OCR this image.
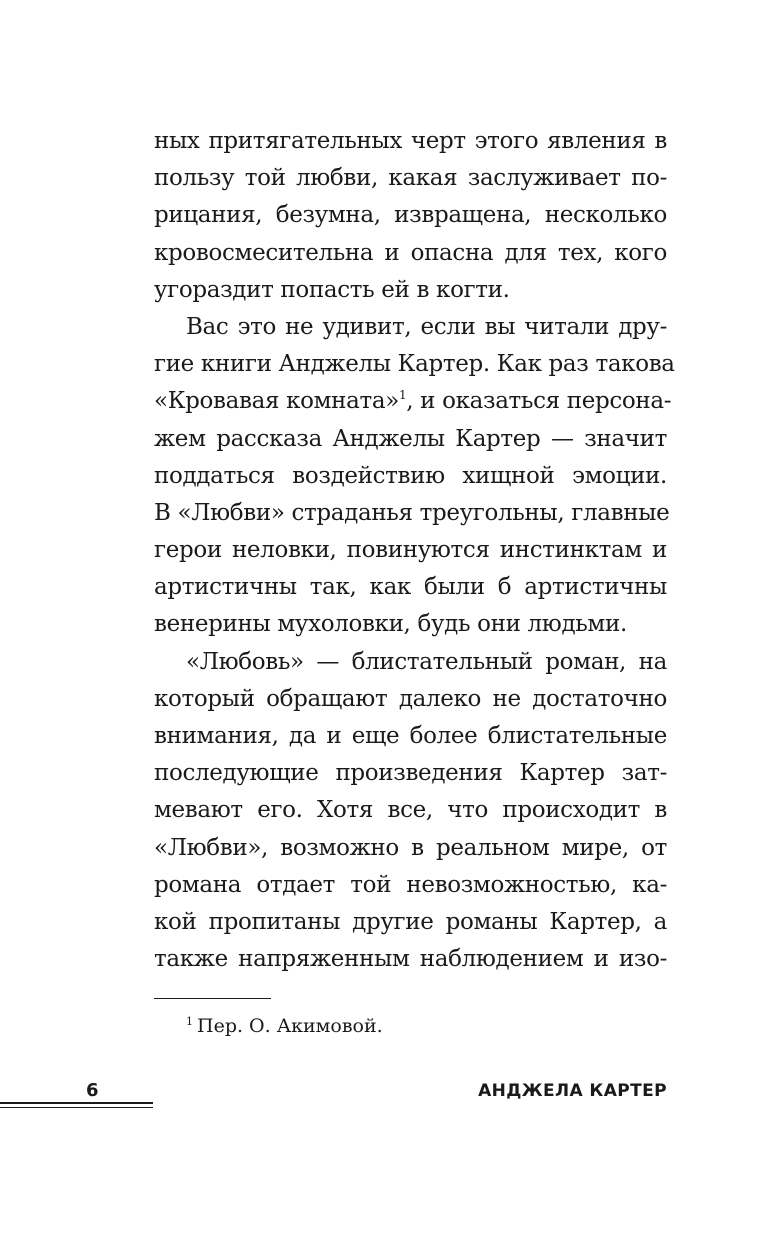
ных притягательных черт этого явления в
пользу той любви, какая заслуживает по-
рицания, безумна, извращена, несколько
кровосмесительна и опасна для тех, кого
угораздит попасть ей в когти.
Вас это не удивит, если вы читали дру-
гие книги Анджелы Картер. Как раз такова
«Кровавая комната»$^1$, и оказаться персона-
жем рассказа Анджелы Картер — значит
поддаться воздействию хищной эмоции.
В «Любви» страданья треугольны, главные
герои неловки, повинуются инстинктам и
артистичны так, как были б артистичны
венерины мухоловки, будь они людьми.
«Любовь» — блистательный роман, на
который обращают далеко не достаточно
внимания, да и еще более блистательные
последующие произведения Картер зат-
мевают его. Хотя все, что происходит в
«Любви», возможно в реальном мире, от
романа отдает той невозможностью, ка-
кой пропитаны другие романы Картер, а
также напряженным наблюдением и изо-
$^1$ Пер. О. Акимовой.
6	АНДЖЕЛА КАРТЕР
